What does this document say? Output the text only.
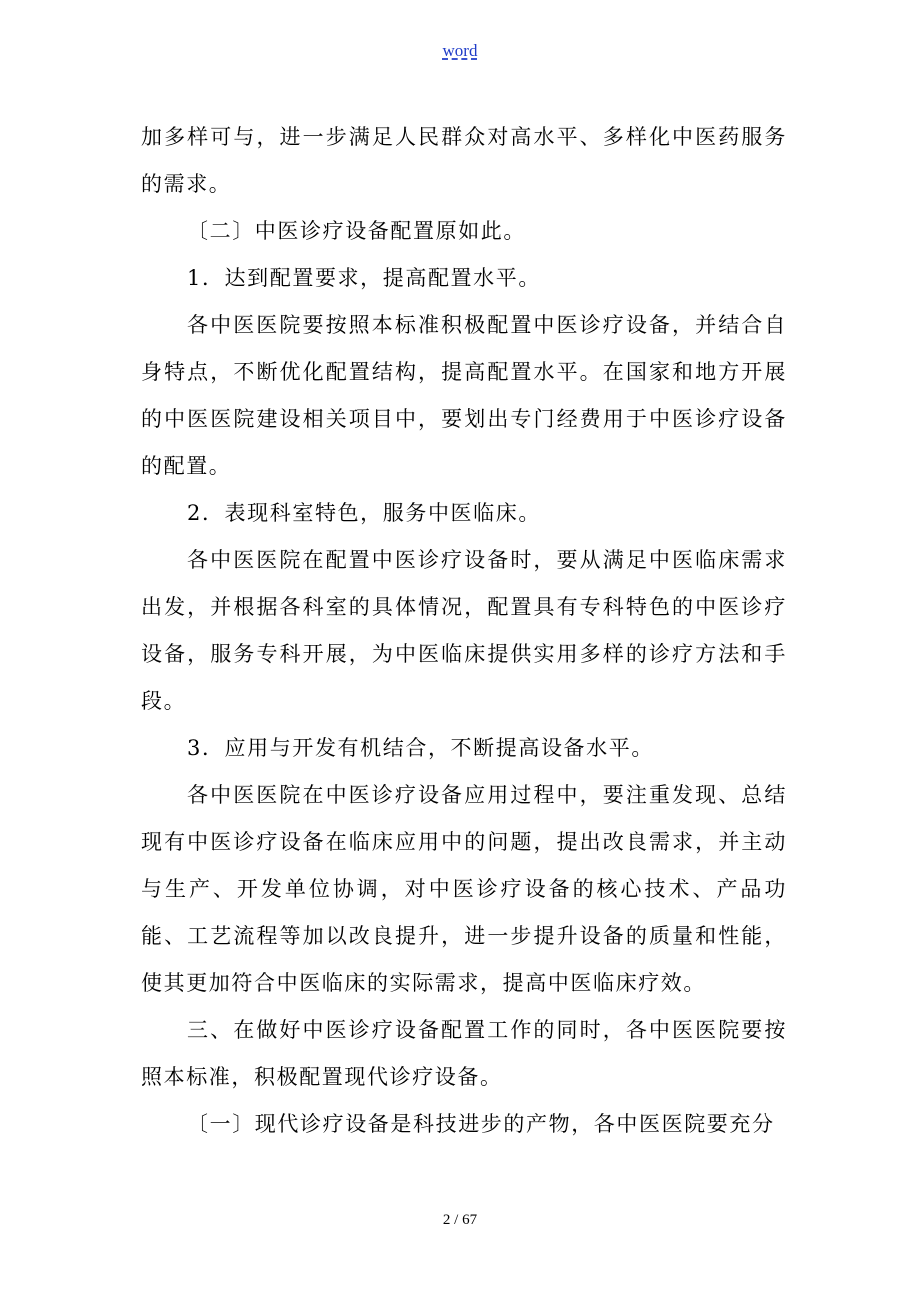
word

加多样可与，进一步满足人民群众对高水平、多样化中医药服务的需求。

〔二〕中医诊疗设备配置原如此。

1．达到配置要求，提高配置水平。

各中医医院要按照本标准积极配置中医诊疗设备，并结合自身特点，不断优化配置结构，提高配置水平。在国家和地方开展的中医医院建设相关项目中，要划出专门经费用于中医诊疗设备的配置。

2．表现科室特色，服务中医临床。

各中医医院在配置中医诊疗设备时，要从满足中医临床需求出发，并根据各科室的具体情况，配置具有专科特色的中医诊疗设备，服务专科开展，为中医临床提供实用多样的诊疗方法和手段。

3．应用与开发有机结合，不断提高设备水平。

各中医医院在中医诊疗设备应用过程中，要注重发现、总结现有中医诊疗设备在临床应用中的问题，提出改良需求，并主动与生产、开发单位协调，对中医诊疗设备的核心技术、产品功能、工艺流程等加以改良提升，进一步提升设备的质量和性能，使其更加符合中医临床的实际需求，提高中医临床疗效。

三、在做好中医诊疗设备配置工作的同时，各中医医院要按照本标准，积极配置现代诊疗设备。

〔一〕现代诊疗设备是科技进步的产物，各中医医院要充分

2 / 67
